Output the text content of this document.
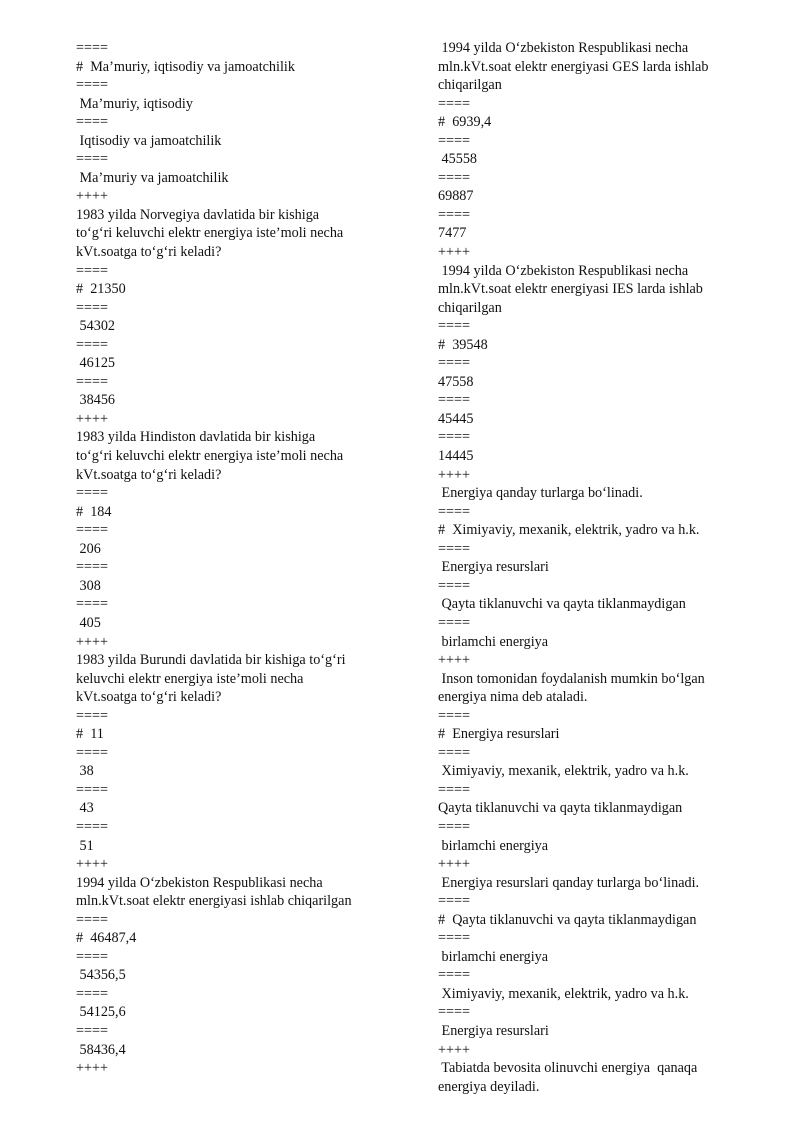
====

#  Ma’muriy, iqtisodiy va jamoatchilik

====

Ma’muriy, iqtisodiy

====

Iqtisodiy va jamoatchilik

====

Ma’muriy va jamoatchilik

++++

1983 yilda Norvegiya davlatida bir kishiga

to‘g‘ri keluvchi elektr energiya iste’moli necha

kVt.soatga to‘g‘ri keladi?

====

#  21350

====

54302

====

46125

====

38456

++++

1983 yilda Hindiston davlatida bir kishiga

to‘g‘ri keluvchi elektr energiya iste’moli necha

kVt.soatga to‘g‘ri keladi?

====

#  184

====

206

====

308

====

405

++++

1983 yilda Burundi davlatida bir kishiga to‘g‘ri

keluvchi elektr energiya iste’moli necha

kVt.soatga to‘g‘ri keladi?

====

#  11

====

38

====

43

====

51

++++

1994 yilda O‘zbekiston Respublikasi necha

mln.kVt.soat elektr energiyasi ishlab chiqarilgan

====

#  46487,4

====

54356,5

====

54125,6

====

58436,4

++++

1994 yilda O‘zbekiston Respublikasi necha

mln.kVt.soat elektr energiyasi GES larda ishlab

chiqarilgan

====

#  6939,4

====

45558

====

69887

====

7477

++++

1994 yilda O‘zbekiston Respublikasi necha

mln.kVt.soat elektr energiyasi IES larda ishlab

chiqarilgan

====

#  39548

====

47558

====

45445

====

14445

++++

Energiya qanday turlarga bo‘linadi.

====

#  Ximiyaviy, mexanik, elektrik, yadro va h.k.

====

Energiya resurslari

====

Qayta tiklanuvchi va qayta tiklanmaydigan

====

birlamchi energiya

++++

Inson tomonidan foydalanish mumkin bo‘lgan

energiya nima deb ataladi.

====

#  Energiya resurslari

====

Ximiyaviy, mexanik, elektrik, yadro va h.k.

====

Qayta tiklanuvchi va qayta tiklanmaydigan

====

birlamchi energiya

++++

Energiya resurslari qanday turlarga bo‘linadi.

====

#  Qayta tiklanuvchi va qayta tiklanmaydigan

====

birlamchi energiya

====

Ximiyaviy, mexanik, elektrik, yadro va h.k.

====

Energiya resurslari

++++

Tabiatda bevosita olinuvchi energiya  qanaqa

energiya deyiladi.
